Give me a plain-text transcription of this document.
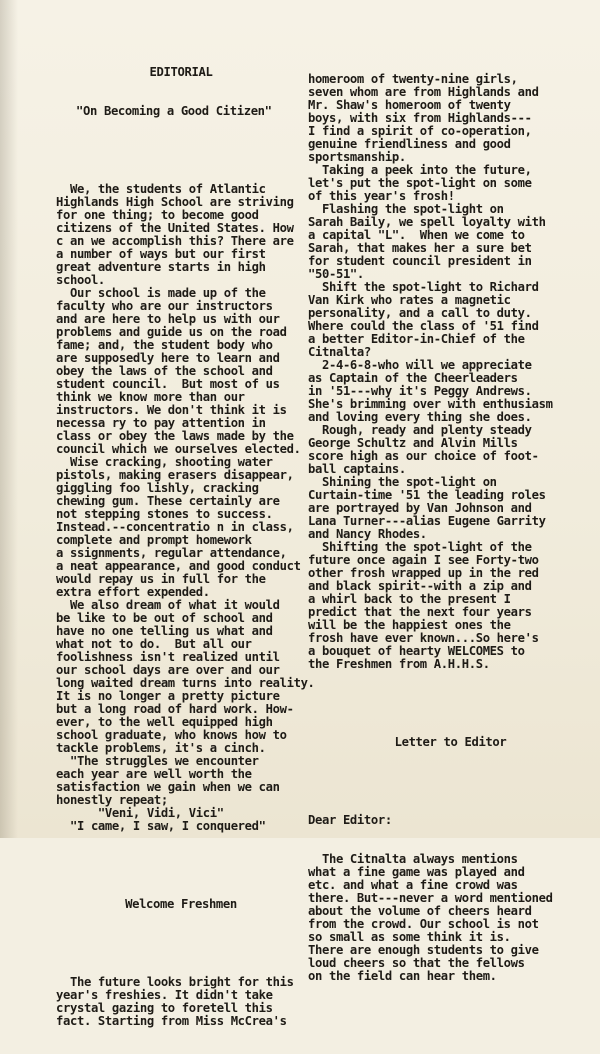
EDITORIAL

"On Becoming a Good Citizen"

We, the students of Atlantic
Highlands High School are striving
for one thing; to become good
citizens of the United States. How
c an we accomplish this? There are
a number of ways but our first
great adventure starts in high
school.
Our school is made up of the
faculty who are our instructors
and are here to help us with our
problems and guide us on the road
fame; and, the student body who
are supposedly here to learn and
obey the laws of the school and
student council.  But most of us
think we know more than our
instructors. We don't think it is
necessa ry to pay attention in
class or obey the laws made by the
council which we ourselves elected.
Wise cracking, shooting water
pistols, making erasers disappear,
giggling foo lishly, cracking
chewing gum. These certainly are
not stepping stones to success.
Instead.--concentratio n in class,
complete and prompt homework
a ssignments, regular attendance,
a neat appearance, and good conduct
would repay us in full for the
extra effort expended.
We also dream of what it would
be like to be out of school and
have no one telling us what and
what not to do.  But all our
foolishness isn't realized until
our school days are over and our
long waited dream turns into reality.
It is no longer a pretty picture
but a long road of hard work. How-
ever, to the well equipped high
school graduate, who knows how to
tackle problems, it's a cinch.
"The struggles we encounter
each year are well worth the
satisfaction we gain when we can
honestly repeat;
"Veni, Vidi, Vici"
"I came, I saw, I conquered"

Welcome Freshmen

The future looks bright for this
year's freshies. It didn't take
crystal gazing to foretell this
fact. Starting from Miss McCrea's

homeroom of twenty-nine girls,
seven whom are from Highlands and
Mr. Shaw's homeroom of twenty
boys, with six from Highlands---
I find a spirit of co-operation,
genuine friendliness and good
sportsmanship.
Taking a peek into the future,
let's put the spot-light on some
of this year's frosh!
Flashing the spot-light on
Sarah Baily, we spell loyalty with
a capital "L".  When we come to
Sarah, that makes her a sure bet
for student council president in
"50-51".
Shift the spot-light to Richard
Van Kirk who rates a magnetic
personality, and a call to duty.
Where could the class of '51 find
a better Editor-in-Chief of the
Citnalta?
2-4-6-8-who will we appreciate
as Captain of the Cheerleaders
in '51---why it's Peggy Andrews.
She's brimming over with enthusiasm
and loving every thing she does.
Rough, ready and plenty steady
George Schultz and Alvin Mills
score high as our choice of foot-
ball captains.
Shining the spot-light on
Curtain-time '51 the leading roles
are portrayed by Van Johnson and
Lana Turner---alias Eugene Garrity
and Nancy Rhodes.
Shifting the spot-light of the
future once again I see Forty-two
other frosh wrapped up in the red
and black spirit--with a zip and
a whirl back to the present I
predict that the next four years
will be the happiest ones the
frosh have ever known...So here's
a bouquet of hearty WELCOMES to
the Freshmen from A.H.H.S.

Letter to Editor

Dear Editor:

The Citnalta always mentions
what a fine game was played and
etc. and what a fine crowd was
there. But---never a word mentioned
about the volume of cheers heard
from the crowd. Our school is not
so small as some think it is.
There are enough students to give
loud cheers so that the fellows
on the field can hear them.
